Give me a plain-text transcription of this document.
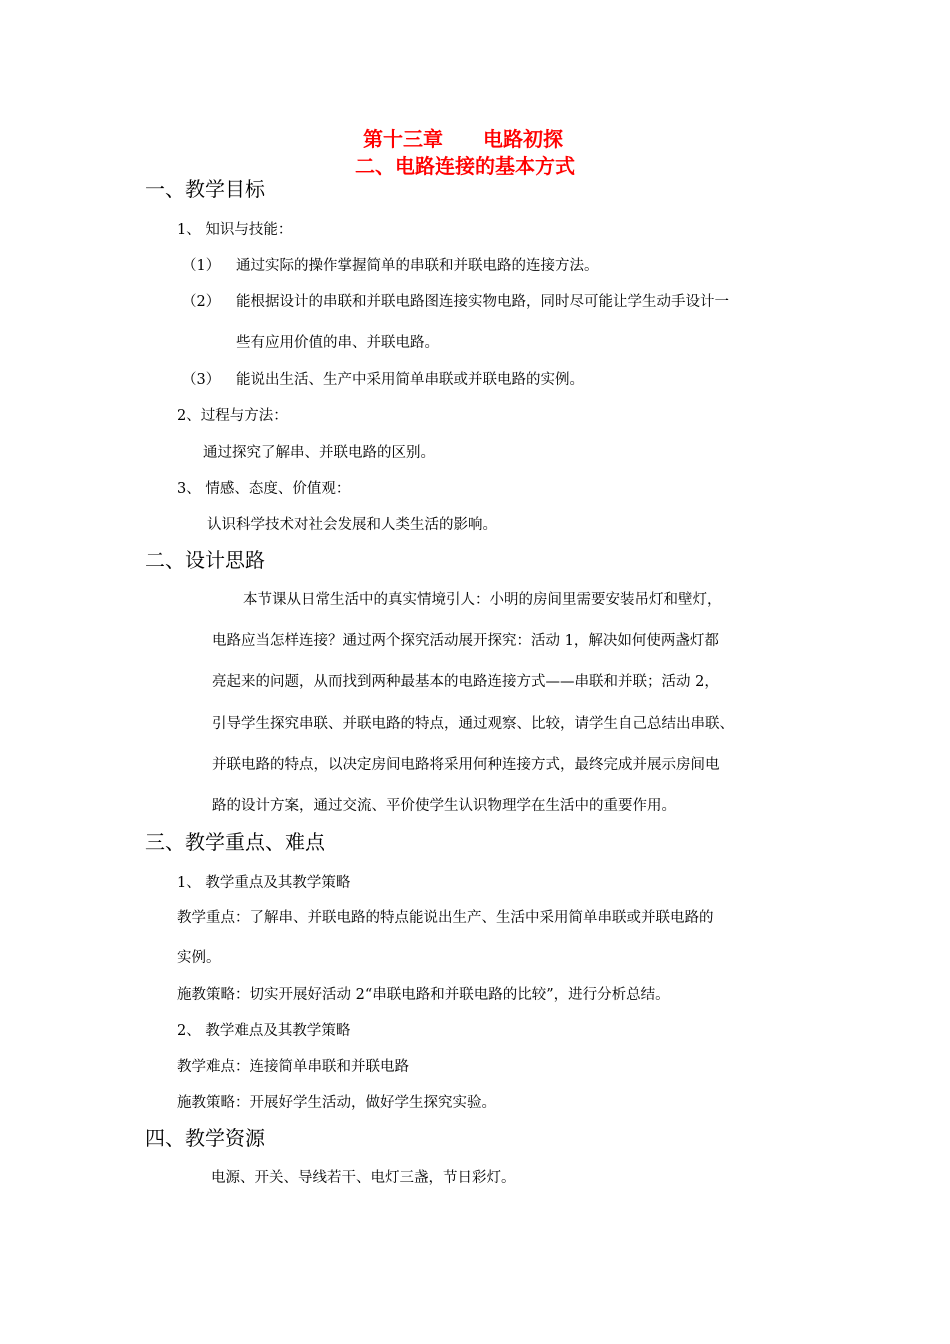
第十三章　　电路初探
二、电路连接的基本方式
一、教学目标
1、 知识与技能：
（1） 通过实际的操作掌握简单的串联和并联电路的连接方法。
（2） 能根据设计的串联和并联电路图连接实物电路，同时尽可能让学生动手设计一
些有应用价值的串、并联电路。
（3） 能说出生活、生产中采用简单串联或并联电路的实例。
2、过程与方法：
通过探究了解串、并联电路的区别。
3、 情感、态度、价值观：
认识科学技术对社会发展和人类生活的影响。
二、设计思路
本节课从日常生活中的真实情境引人：小明的房间里需要安装吊灯和壁灯，
电路应当怎样连接？通过两个探究活动展开探究：活动 1，解决如何使两盏灯都
亮起来的问题，从而找到两种最基本的电路连接方式——串联和并联；活动 2，
引导学生探究串联、并联电路的特点，通过观察、比较，请学生自己总结出串联、
并联电路的特点，以决定房间电路将采用何种连接方式，最终完成并展示房间电
路的设计方案，通过交流、平价使学生认识物理学在生活中的重要作用。
三、教学重点、难点
1、 教学重点及其教学策略
教学重点：了解串、并联电路的特点能说出生产、生活中采用简单串联或并联电路的
实例。
施教策略：切实开展好活动 2“串联电路和并联电路的比较”，进行分析总结。
2、 教学难点及其教学策略
教学难点：连接简单串联和并联电路
施教策略：开展好学生活动，做好学生探究实验。
四、教学资源
电源、开关、导线若干、电灯三盏，节日彩灯。
